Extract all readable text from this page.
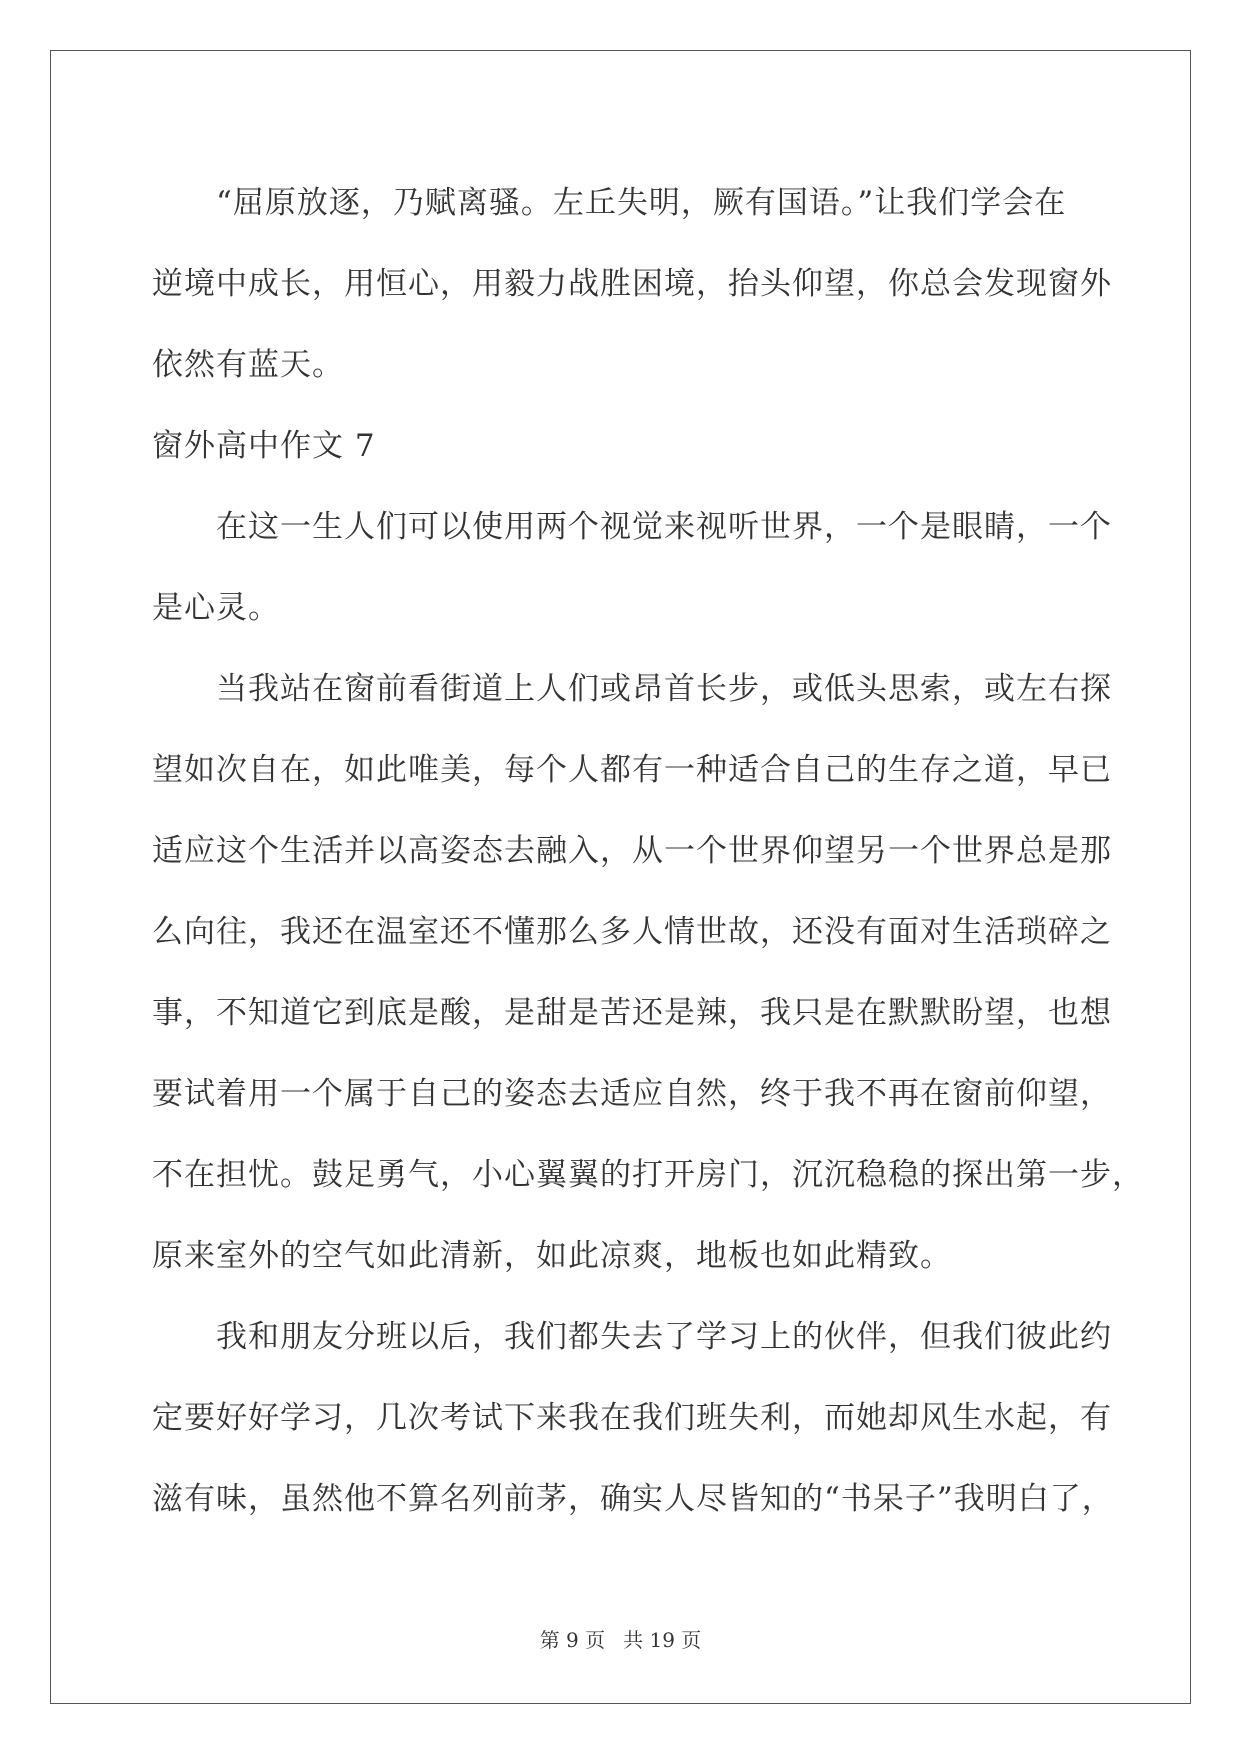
“屈原放逐，乃赋离骚。左丘失明，厥有国语。”让我们学会在
逆境中成长，用恒心，用毅力战胜困境，抬头仰望，你总会发现窗外
依然有蓝天。
窗外高中作文 7
在这一生人们可以使用两个视觉来视听世界，一个是眼睛，一个
是心灵。
当我站在窗前看街道上人们或昂首长步，或低头思索，或左右探
望如次自在，如此唯美，每个人都有一种适合自己的生存之道，早已
适应这个生活并以高姿态去融入，从一个世界仰望另一个世界总是那
么向往，我还在温室还不懂那么多人情世故，还没有面对生活琐碎之
事，不知道它到底是酸，是甜是苦还是辣，我只是在默默盼望，也想
要试着用一个属于自己的姿态去适应自然，终于我不再在窗前仰望，
不在担忧。鼓足勇气，小心翼翼的打开房门，沉沉稳稳的探出第一步，
原来室外的空气如此清新，如此凉爽，地板也如此精致。
我和朋友分班以后，我们都失去了学习上的伙伴，但我们彼此约
定要好好学习，几次考试下来我在我们班失利，而她却风生水起，有
滋有味，虽然他不算名列前茅，确实人尽皆知的“书呆子”我明白了，
第 9 页 共 19 页
